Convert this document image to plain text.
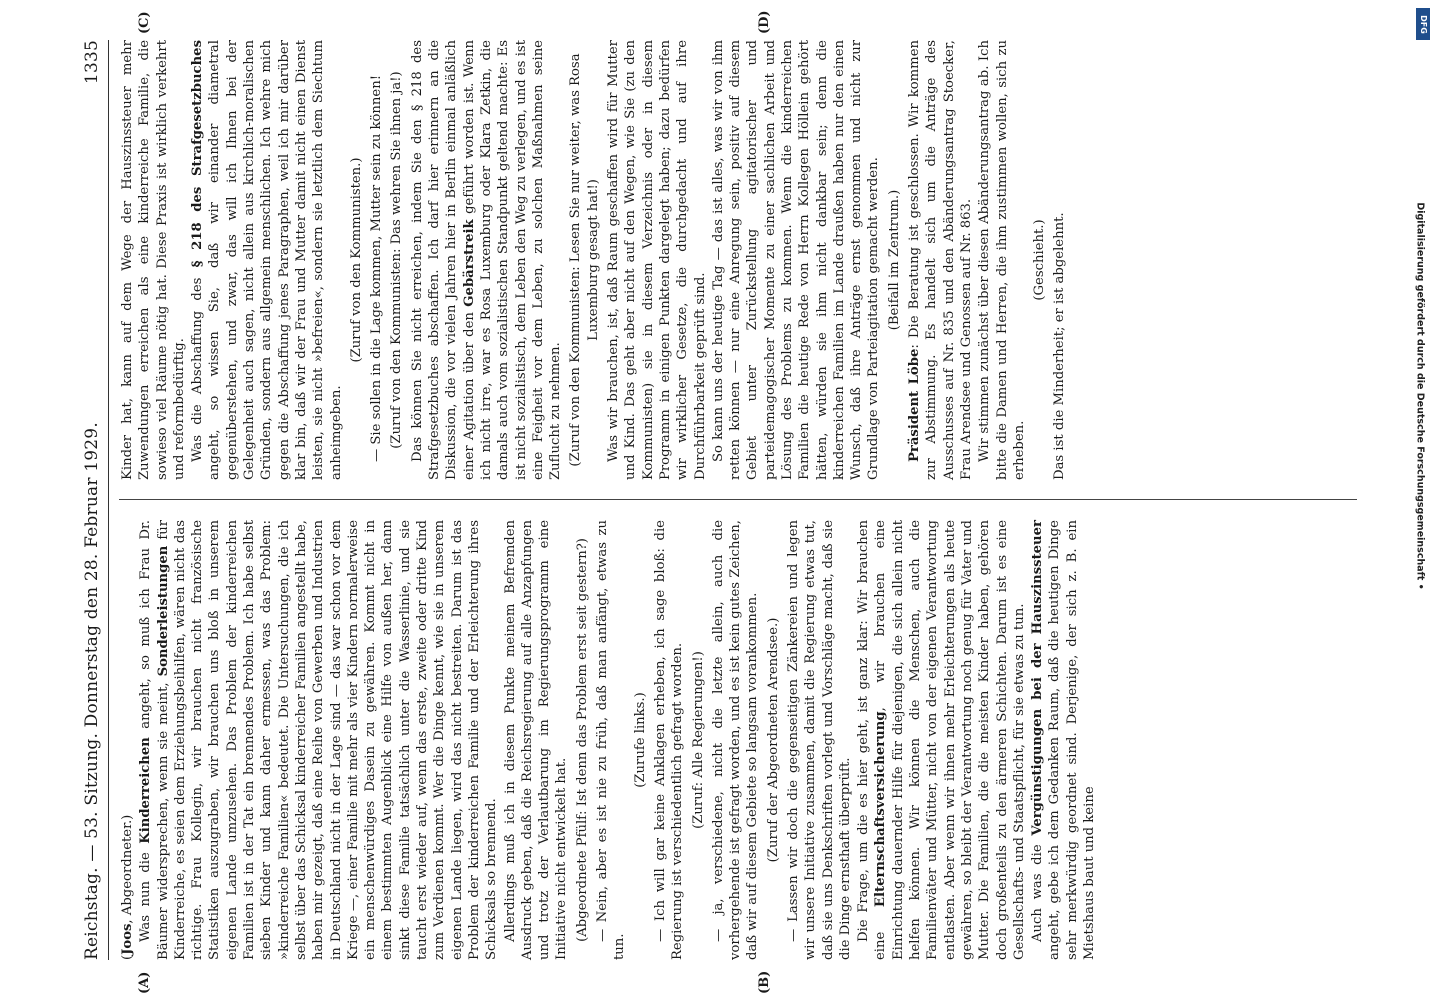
Reichstag. — 53. Sitzung. Donnerstag den 28. Februar 1929.
1335
(A)	(B)
(C)	(D)

(Joos, Abgeordneter.) Was nun die Kinderreichen angeht, so muß ich Frau Dr. Bäumer widersprechen, wenn sie meint, Sonderleistungen für Kinderreiche, es seien dem Erziehungsbeihilfen, wären nicht das richtige. Frau Kollegin, wir brauchen nicht französische Statistiken auszugraben, wir brauchen uns bloß in unserem eigenen Lande umzusehen. Das Problem der kinderreichen Familien ist in der Tat ein brennendes Problem. Ich habe selbst sieben Kinder und kann daher ermessen, was das Problem: »kinderreiche Familien« bedeutet. Die Untersuchungen, die ich selbst über das Schicksal kinderreicher Familien angestellt habe, haben mir gezeigt, daß eine Reihe von Gewerben und Industrien in Deutschland nicht in der Lage sind — das war schon vor dem Kriege —, einer Familie mit mehr als vier Kindern normalerweise ein menschenwürdiges Dasein zu gewähren. Kommt nicht in einem bestimmten Augenblick eine Hilfe von außen her, dann sinkt diese Familie tatsächlich unter die Wasserlinie, und sie taucht erst wieder auf, wenn das erste, zweite oder dritte Kind zum Verdienen kommt. Wer die Dinge kennt, wie sie in unserem eigenen Lande liegen, wird das nicht bestreiten. Darum ist das Problem der kinderreichen Familie und der Erleichterung ihres Schicksals so brennend. Allerdings muß ich in diesem Punkte meinem Befremden Ausdruck geben, daß die Reichsregierung auf alle Anzapfungen und trotz der Verlautbarung im Regierungsprogramm eine Initiative nicht entwickelt hat. (Abgeordnete Pfülf: Ist denn das Problem erst seit gestern?) — Nein, aber es ist nie zu früh, daß man anfängt, etwas zu tun.

(Zurufe links.) — Ich will gar keine Anklagen erheben, ich sage bloß: die Regierung ist verschiedentlich gefragt worden. (Zuruf: Alle Regierungen!) — ja, verschiedene, nicht die letzte allein, auch die vorhergehende ist gefragt worden, und es ist kein gutes Zeichen, daß wir auf diesem Gebiete so langsam vorankommen. (Zuruf der Abgeordneten Arendsee.) — Lassen wir doch die gegenseitigen Zänkereien und legen wir unsere Initiative zusammen, damit die Regierung etwas tut, daß sie uns Denkschriften vorlegt und Vorschläge macht, daß sie die Dinge ernsthaft überprüft. Die Frage, um die es hier geht, ist ganz klar: Wir brauchen eine Elternschaftsversicherung, wir brauchen eine Einrichtung dauernder Hilfe für diejenigen, die sich allein nicht helfen können. Wir können die Menschen, auch die Familienväter und Mütter, nicht von der eigenen Verantwortung entlasten. Aber wenn wir ihnen mehr Erleichterungen als heute gewähren, so bleibt der Verantwortung noch genug für Vater und Mutter. Die Familien, die die meisten Kinder haben, gehören doch großenteils zu den ärmeren Schichten. Darum ist es eine Gesellschafts- und Staatspflicht, für sie etwas zu tun. Auch was die Vergünstigungen bei der Hauszinssteuer angeht, gebe ich dem Gedanken Raum, daß die heutigen Dinge sehr merkwürdig geordnet sind. Derjenige, der sich z. B. ein Mietshaus baut und keine

Kinder hat, kann auf dem Wege der Hauszinssteuer mehr Zuwendungen erreichen als eine kinderreiche Familie, die sowieso viel Räume nötig hat. Diese Praxis ist wirklich verkehrt und reformbedürftig. Was die Abschaffung des § 218 des Strafgesetzbuches angeht, so wissen Sie, daß wir einander diametral gegenüberstehen, und zwar, das will ich Ihnen bei der Gelegenheit auch sagen, nicht allein aus kirchlich-moralischen Gründen, sondern aus allgemein menschlichen. Ich wehre mich gegen die Abschaffung jenes Paragraphen, weil ich mir darüber klar bin, daß wir der Frau und Mutter damit nicht einen Dienst leisten, sie nicht »befreien«, sondern sie letztlich dem Siechtum anheimgeben.

(Zuruf von den Kommunisten.) — Sie sollen in die Lage kommen, Mutter sein zu können! (Zuruf von den Kommunisten: Das wehren Sie ihnen ja!) Das können Sie nicht erreichen, indem Sie den § 218 des Strafgesetzbuches abschaffen. Ich darf hier erinnern an die Diskussion, die vor vielen Jahren hier in Berlin einmal anläßlich einer Agitation über den Gebärstreik geführt worden ist. Wenn ich nicht irre, war es Rosa Luxemburg oder Klara Zetkin, die damals auch vom sozialistischen Standpunkt geltend machte: Es ist nicht sozialistisch, dem Leben den Weg zu verlegen, und es ist eine Feigheit vor dem Leben, zu solchen Maßnahmen seine Zuflucht zu nehmen. (Zuruf von den Kommunisten: Lesen Sie nur weiter, was Rosa Luxemburg gesagt hat!) Was wir brauchen, ist, daß Raum geschaffen wird für Mutter und Kind. Das geht aber nicht auf den Wegen, wie Sie (zu den Kommunisten) sie in diesem Verzeichnis oder in diesem Programm in einigen Punkten dargelegt haben; dazu bedürfen wir wirklicher Gesetze, die durchgedacht und auf ihre Durchführbarkeit geprüft sind. So kann uns der heutige Tag — das ist alles, was wir von ihm retten können — nur eine Anregung sein, positiv auf diesem Gebiet unter Zurückstellung agitatorischer und parteidemagogischer Momente zu einer sachlichen Arbeit und Lösung des Problems zu kommen. Wenn die kinderreichen Familien die heutige Rede von Herrn Kollegen Höllein gehört hätten, würden sie ihm nicht dankbar sein; denn die kinderreichen Familien im Lande draußen haben nur den einen Wunsch, daß ihre Anträge ernst genommen und nicht zur Grundlage von Parteiagitation gemacht werden. (Beifall im Zentrum.)

Präsident Löbe: Die Beratung ist geschlossen. Wir kommen zur Abstimmung. Es handelt sich um die Anträge des Ausschusses auf Nr. 835 und den Abänderungsantrag Stoecker, Frau Arendsee und Genossen auf Nr. 863. Wir stimmen zunächst über diesen Abänderungsantrag ab. Ich bitte die Damen und Herren, die ihm zustimmen wollen, sich zu erheben.

(Geschieht.) Das ist die Minderheit; er ist abgelehnt.

DFG
Digitalisierung gefördert durch die Deutsche Forschungsgemeinschaft •
